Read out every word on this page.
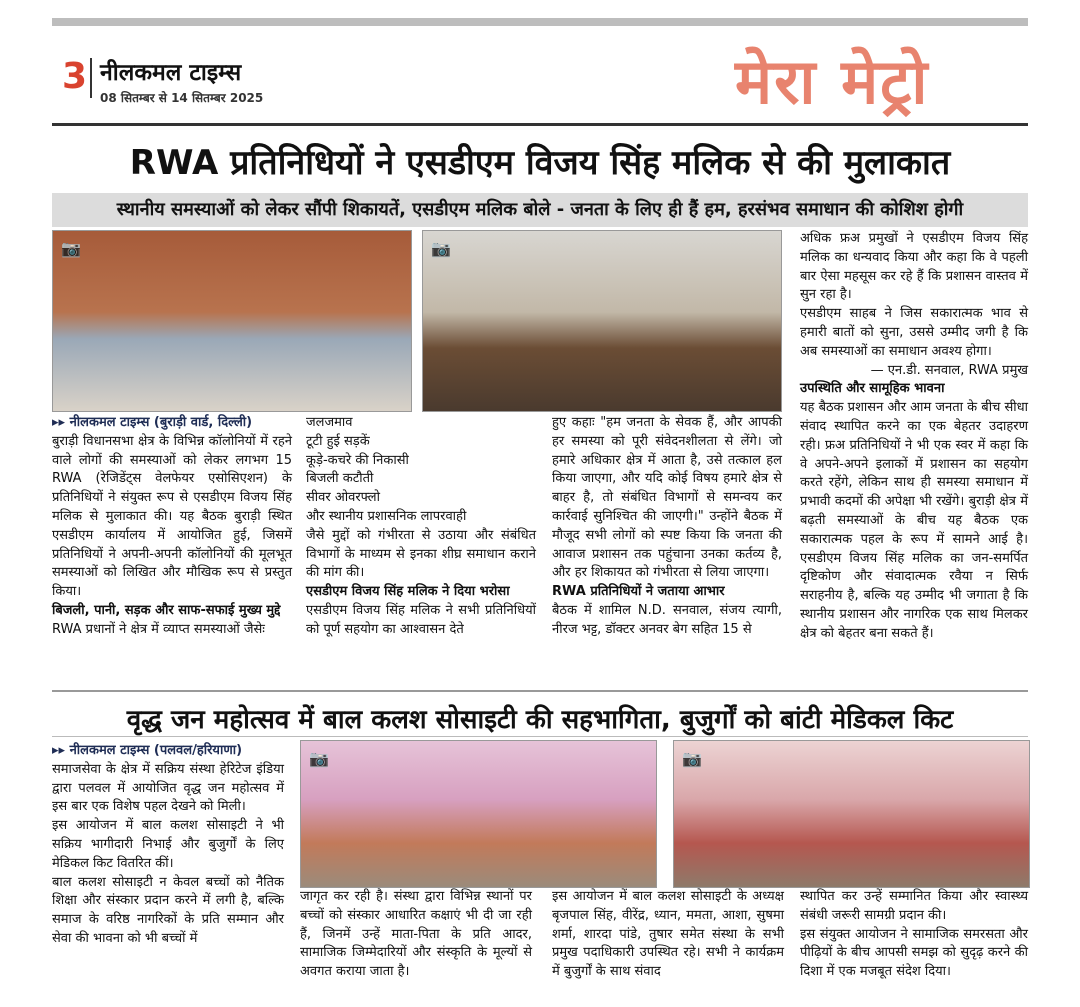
3 नीलकमल टाइम्स
08 सितम्बर से 14 सितम्बर 2025	मेरा मेट्रो
RWA प्रतिनिधियों ने एसडीएम विजय सिंह मलिक से की मुलाकात
स्थानीय समस्याओं को लेकर सौंपी शिकायतें, एसडीएम मलिक बोले - जनता के लिए ही हैं हम, हरसंभव समाधान की कोशिश होगी
📷	📷

▸▸ नीलकमल टाइम्स (बुराड़ी वार्ड, दिल्ली)

बुराड़ी विधानसभा क्षेत्र के विभिन्न कॉलोनियों में रहने वाले लोगों की समस्याओं को लेकर लगभग 15 RWA (रेजिडेंट्स वेलफेयर एसोसिएशन) के प्रतिनिधियों ने संयुक्त रूप से एसडीएम विजय सिंह मलिक से मुलाकात की। यह बैठक बुराड़ी स्थित एसडीएम कार्यालय में आयोजित हुई, जिसमें प्रतिनिधियों ने अपनी-अपनी कॉलोनियों की मूलभूत समस्याओं को लिखित और मौखिक रूप से प्रस्तुत किया।

बिजली, पानी, सड़क और साफ-सफाई मुख्य मुद्दे

RWA प्रधानों ने क्षेत्र में व्याप्त समस्याओं जैसेः

जलजमाव

टूटी हुई सड़कें

कूड़े-कचरे की निकासी

बिजली कटौती

सीवर ओवरफ्लो

और स्थानीय प्रशासनिक लापरवाही

जैसे मुद्दों को गंभीरता से उठाया और संबंधित विभागों के माध्यम से इनका शीघ्र समाधान कराने की मांग की।

एसडीएम विजय सिंह मलिक ने दिया भरोसा

एसडीएम विजय सिंह मलिक ने सभी प्रतिनिधियों को पूर्ण सहयोग का आश्वासन देते

हुए कहाः "हम जनता के सेवक हैं, और आपकी हर समस्या को पूरी संवेदनशीलता से लेंगे। जो हमारे अधिकार क्षेत्र में आता है, उसे तत्काल हल किया जाएगा, और यदि कोई विषय हमारे क्षेत्र से बाहर है, तो संबंधित विभागों से समन्वय कर कार्रवाई सुनिश्चित की जाएगी।" उन्होंने बैठक में मौजूद सभी लोगों को स्पष्ट किया कि जनता की आवाज प्रशासन तक पहुंचाना उनका कर्तव्य है, और हर शिकायत को गंभीरता से लिया जाएगा।

RWA प्रतिनिधियों ने जताया आभार

बैठक में शामिल N.D. सनवाल, संजय त्यागी, नीरज भट्ट, डॉक्टर अनवर बेग सहित 15 से

अधिक फ्रअ प्रमुखों ने एसडीएम विजय सिंह मलिक का धन्यवाद किया और कहा कि वे पहली बार ऐसा महसूस कर रहे हैं कि प्रशासन वास्तव में सुन रहा है।

एसडीएम साहब ने जिस सकारात्मक भाव से हमारी बातों को सुना, उससे उम्मीद जगी है कि अब समस्याओं का समाधान अवश्य होगा।

— एन.डी. सनवाल, RWA प्रमुख

उपस्थिति और सामूहिक भावना

यह बैठक प्रशासन और आम जनता के बीच सीधा संवाद स्थापित करने का एक बेहतर उदाहरण रही। फ्रअ प्रतिनिधियों ने भी एक स्वर में कहा कि वे अपने-अपने इलाकों में प्रशासन का सहयोग करते रहेंगे, लेकिन साथ ही समस्या समाधान में प्रभावी कदमों की अपेक्षा भी रखेंगे। बुराड़ी क्षेत्र में बढ़ती समस्याओं के बीच यह बैठक एक सकारात्मक पहल के रूप में सामने आई है। एसडीएम विजय सिंह मलिक का जन-समर्पित दृष्टिकोण और संवादात्मक रवैया न सिर्फ सराहनीय है, बल्कि यह उम्मीद भी जगाता है कि स्थानीय प्रशासन और नागरिक एक साथ मिलकर क्षेत्र को बेहतर बना सकते हैं।

वृद्ध जन महोत्सव में बाल कलश सोसाइटी की सहभागिता, बुजुर्गों को बांटी मेडिकल किट
📷	📷

▸▸ नीलकमल टाइम्स (पलवल/हरियाणा)

समाजसेवा के क्षेत्र में सक्रिय संस्था हेरिटेज इंडिया द्वारा पलवल में आयोजित वृद्ध जन महोत्सव में इस बार एक विशेष पहल देखने को मिली।

इस आयोजन में बाल कलश सोसाइटी ने भी सक्रिय भागीदारी निभाई और बुजुर्गों के लिए मेडिकल किट वितरित कीं।

बाल कलश सोसाइटी न केवल बच्चों को नैतिक शिक्षा और संस्कार प्रदान करने में लगी है, बल्कि समाज के वरिष्ठ नागरिकों के प्रति सम्मान और सेवा की भावना को भी बच्चों में

जागृत कर रही है। संस्था द्वारा विभिन्न स्थानों पर बच्चों को संस्कार आधारित कक्षाएं भी दी जा रही हैं, जिनमें उन्हें माता-पिता के प्रति आदर, सामाजिक जिम्मेदारियों और संस्कृति के मूल्यों से अवगत कराया जाता है।

इस आयोजन में बाल कलश सोसाइटी के अध्यक्ष बृजपाल सिंह, वीरेंद्र, ध्यान, ममता, आशा, सुषमा शर्मा, शारदा पांडे, तुषार समेत संस्था के सभी प्रमुख पदाधिकारी उपस्थित रहे। सभी ने कार्यक्रम में बुजुर्गों के साथ संवाद

स्थापित कर उन्हें सम्मानित किया और स्वास्थ्य संबंधी जरूरी सामग्री प्रदान की।

इस संयुक्त आयोजन ने सामाजिक समरसता और पीढ़ियों के बीच आपसी समझ को सुदृढ़ करने की दिशा में एक मजबूत संदेश दिया।
